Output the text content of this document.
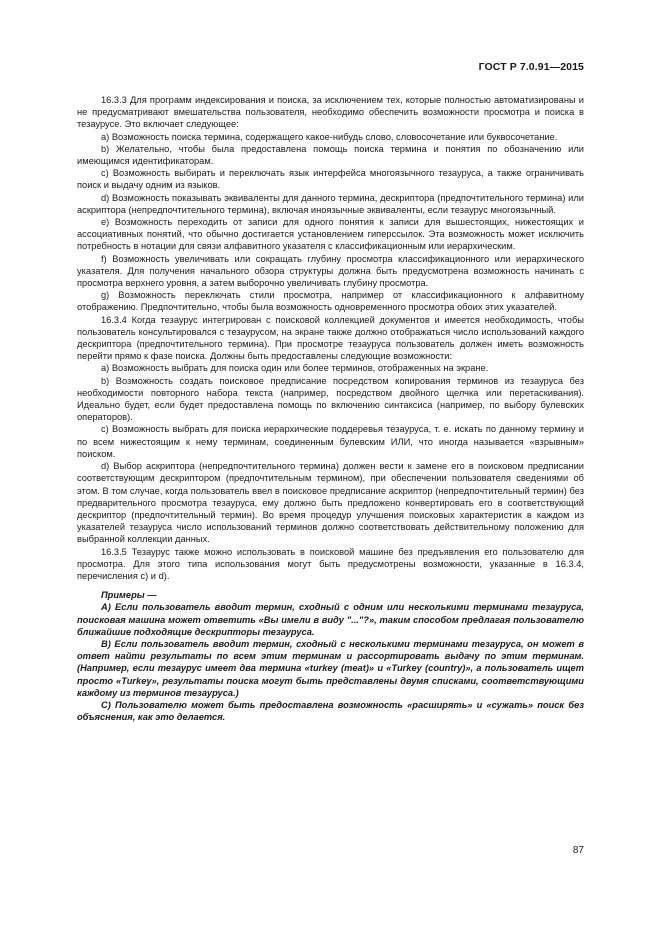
ГОСТ Р 7.0.91—2015

16.3.3 Для программ индексирования и поиска, за исключением тех, которые полностью автоматизированы и не предусматривают вмешательства пользователя, необходимо обеспечить возможности просмотра и поиска в тезаурусе. Это включает следующее:

a) Возможность поиска термина, содержащего какое-нибудь слово, словосочетание или буквосочетание.

b) Желательно, чтобы была предоставлена помощь поиска термина и понятия по обозначению или имеющимся идентификаторам.

c) Возможность выбирать и переключать язык интерфейса многоязычного тезауруса, а также ограничивать поиск и выдачу одним из языков.

d) Возможность показывать эквиваленты для данного термина, дескриптора (предпочтительного термина) или аскриптора (непредпочтительного термина), включая иноязычные эквиваленты, если тезаурус многоязычный.

e) Возможность переходить от записи для одного понятия к записи для вышестоящих, нижестоящих и ассоциативных понятий, что обычно достигается установлением гиперссылок. Эта возможность может исключить потребность в нотации для связи алфавитного указателя с классификационным или иерархическим.

f) Возможность увеличивать или сокращать глубину просмотра классификационного или иерархического указателя. Для получения начального обзора структуры должна быть предусмотрена возможность начинать с просмотра верхнего уровня, а затем выборочно увеличивать глубину просмотра.

g) Возможность переключать стили просмотра, например от классификационного к алфавитному отображению. Предпочтительно, чтобы была возможность одновременного просмотра обоих этих указателей.

16.3.4 Когда тезаурус интегрирован с поисковой коллекцией документов и имеется необходимость, чтобы пользователь консультировался с тезаурусом, на экране также должно отображаться число использований каждого дескриптора (предпочтительного термина). При просмотре тезауруса пользователь должен иметь возможность перейти прямо к фазе поиска. Должны быть предоставлены следующие возможности:

a) Возможность выбрать для поиска один или более терминов, отображенных на экране.

b) Возможность создать поисковое предписание посредством копирования терминов из тезауруса без необходимости повторного набора текста (например, посредством двойного щелчка или перетаскивания). Идеально будет, если будет предоставлена помощь по включению синтаксиса (например, по выбору булевских операторов).

c) Возможность выбрать для поиска иерархические поддеревья тезауруса, т. е. искать по данному термину и по всем нижестоящим к нему терминам, соединенным булевским ИЛИ, что иногда называется «взрывным» поиском.

d) Выбор аскриптора (непредпочтительного термина) должен вести к замене его в поисковом предписании соответствующим дескриптором (предпочтительным термином), при обеспечении пользователя сведениями об этом. В том случае, когда пользователь ввел в поисковое предписание аскриптор (непредпочтительный термин) без предварительного просмотра тезауруса, ему должно быть предложено конвертировать его в соответствующий дескриптор (предпочтительный термин). Во время процедур улучшения поисковых характеристик в каждом из указателей тезауруса число использований терминов должно соответствовать действительному положению для выбранной коллекции данных.

16.3.5 Тезаурус также можно использовать в поисковой машине без предъявления его пользователю для просмотра. Для этого типа использования могут быть предусмотрены возможности, указанные в 16.3.4, перечисления c) и d).

Примеры —

A) Если пользователь вводит термин, сходный с одним или несколькими терминами тезауруса, поисковая машина может ответить «Вы имели в виду "..."?», таким способом предлагая пользователю ближайшие подходящие дескрипторы тезауруса.

B) Если пользователь вводит термин, сходный с несколькими терминами тезауруса, он может в ответ найти результаты по всем этим терминам и рассортировать выдачу по этим терминам. (Например, если тезаурус имеет два термина «turkey (meat)» и «Turkey (country)», а пользователь ищет просто «Turkey», результаты поиска могут быть представлены двумя списками, соответствующими каждому из терминов тезауруса.)

C) Пользователю может быть предоставлена возможность «расширять» и «сужать» поиск без объяснения, как это делается.

87
